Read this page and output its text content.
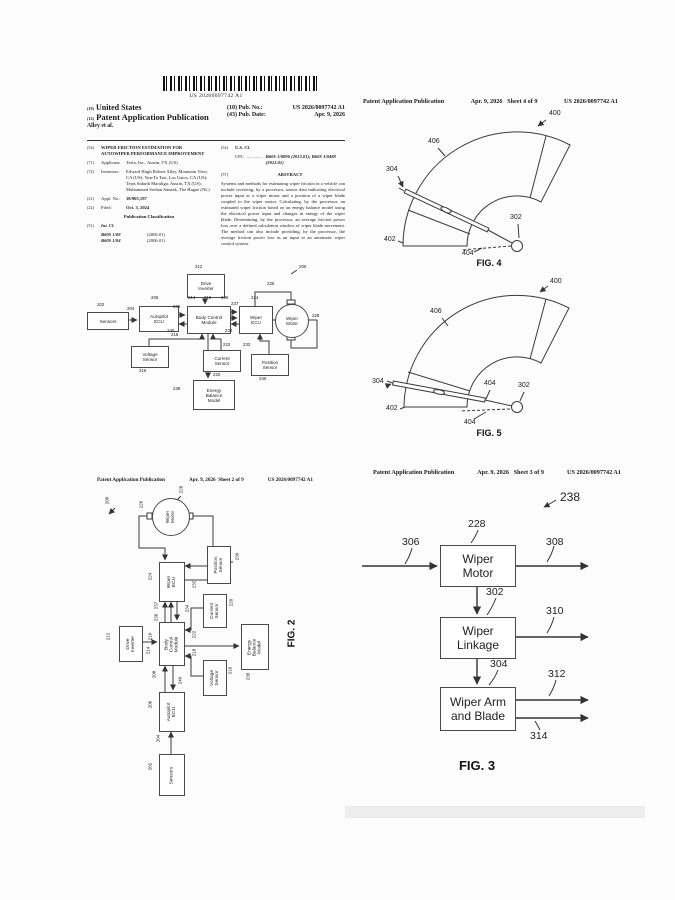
US 20260097742 A1
(19) United States
(12) Patent Application Publication
Alley et al.
(10) Pub. No.:	US 2026/0097742 A1
(43) Pub. Date:	Apr. 9, 2026
(54)	WIPER FRICTION ESTIMATION FOR AUTOWIPER PERFORMANCE IMPROVEMENT
(71)	Applicant:	Tesla, Inc., Austin, TX (US)
(72)	Inventors:	Edward Hugh Robert Alley, Mountain View, CA (US); Yun-Ta Tsai, Los Gatos, CA (US); Tejas Sidarth Maraliga, Austin, TX (US); Muhammed Serhan Simsek, The Hague (NL)
(21)	Appl. No.:	18/905,197
(22)	Filed:	Oct. 3, 2024
Publication Classification
(51)	Int. Cl.
B60S 1/08	(2006.01)
B60S 1/04	(2006.01)
(52)	U.S. Cl.
CPC .............. B60S 1/0896 (2013.01); B60S 1/0488 (2013.01)
(57)	ABSTRACT
Systems and methods for estimating wiper friction in a vehicle can include receiving, by a processor, sensor data indicating electrical power input at a wiper motor and a position of a wiper blade coupled to the wiper motor. Calculating, by the processor, an estimated wiper friction based on an energy balance model using the electrical power input and changes in energy of the wiper blade. Determining, by the processor, an average friction power loss over a defined calculation window of wiper blade movement. The method can also include providing, by the processor, the average friction power loss as an input to an automatic wiper control system.
Sensors
Autopilot ECU
Drive Inverter
Body Control Module
Wiper ECU
Wiper Motor
Voltage Sensor	Current Sensor	Position Sensor
Energy Balance Model
200
212
202
204
206
208
214 210 236
237
224
226
228
240	234
232
218
222
216
220
230
238
Patent Application Publication	Apr. 9, 2026 Sheet 4 of 9	US 2026/0097742 A1
400
406
304
402
404
302
FIG. 4
400
406
304
402
404
404
302
FIG. 5
Patent Application Publication	Apr. 9, 2026 Sheet 2 of 9	US 2026/0097742 A1
Wiper Motor
Wiper ECU
Position Sensor
Body Control Module
Current Sensor
Drive Inverter	Energy Balance Model
Voltage Sensor
Autopilot ECU
Sensors
200
228
226
224
230
232
237
236
234
210
220
222
212
214
238
216
218
208
240
206
204
202
FIG. 2
Patent Application Publication	Apr. 9, 2026 Sheet 3 of 9	US 2026/0097742 A1
Wiper Motor
Wiper Linkage
Wiper Arm and Blade
238
306
228
308
302
310
304
312
314
FIG. 3
